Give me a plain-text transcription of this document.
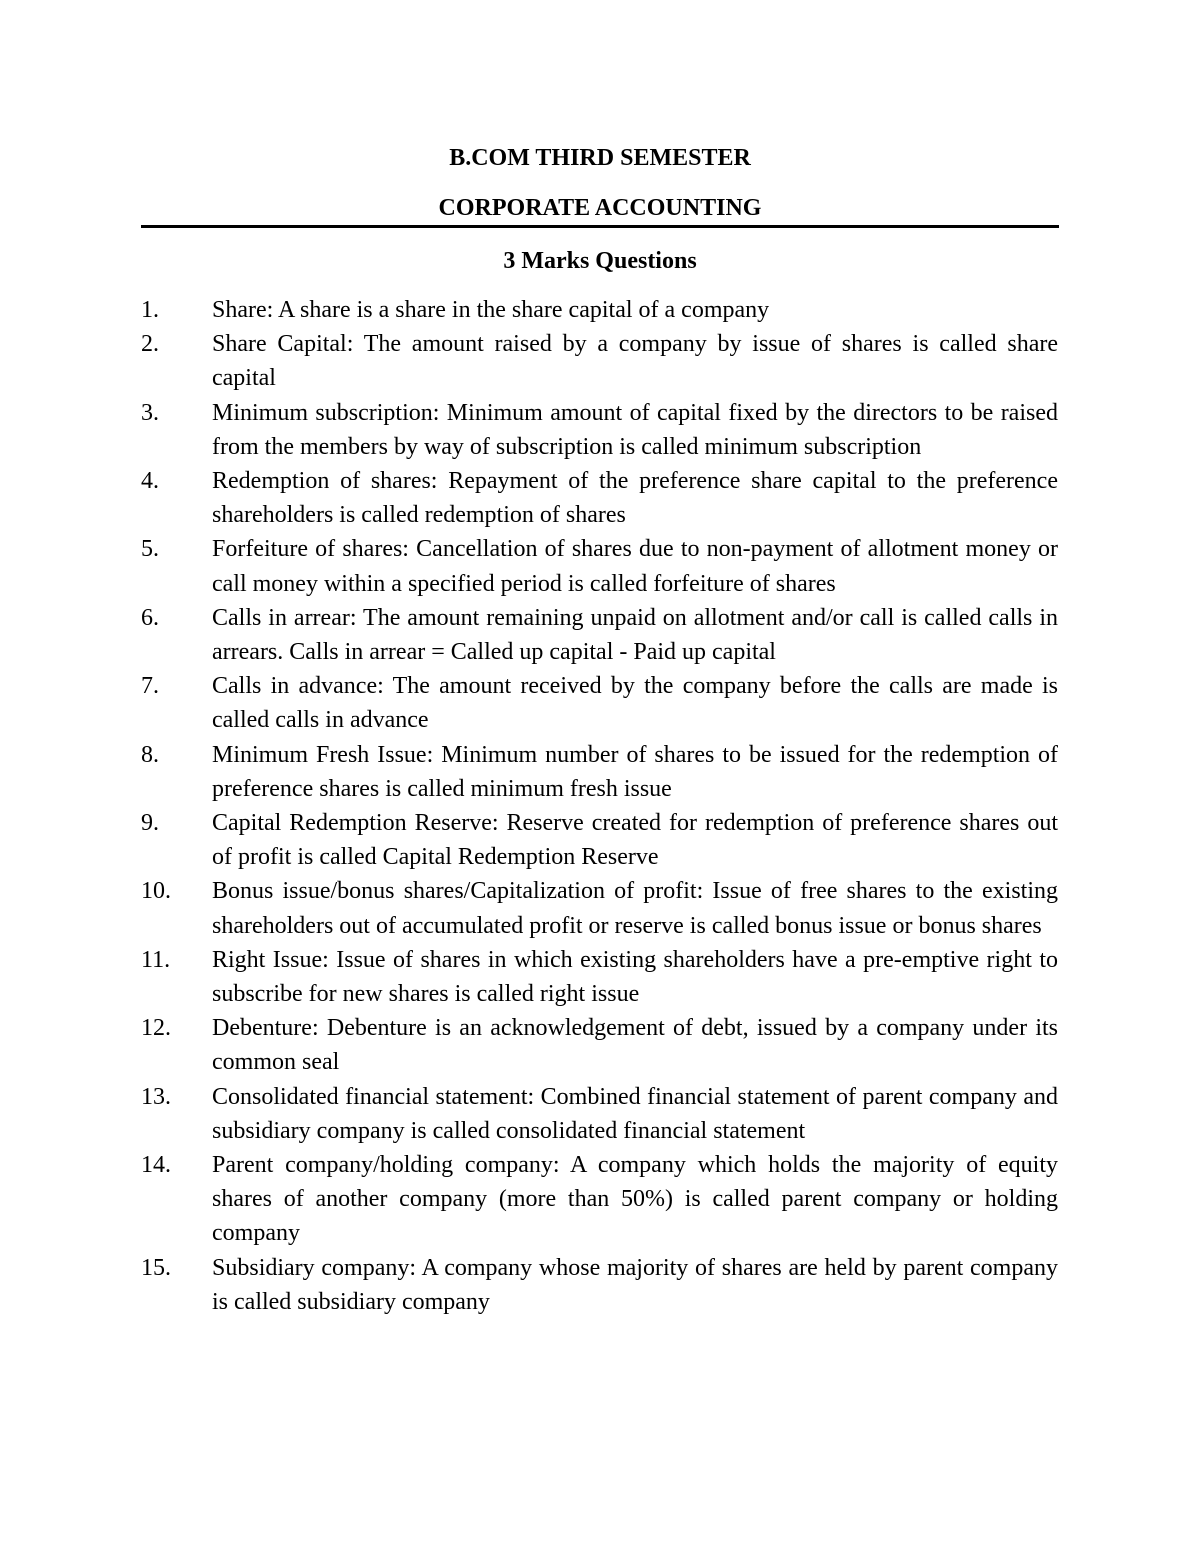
B.COM THIRD SEMESTER
CORPORATE ACCOUNTING
3 Marks Questions
1.	Share: A share is a share in the share capital of a company
2.	Share Capital: The amount raised by a company by issue of shares is called share capital
3.	Minimum subscription: Minimum amount of capital fixed by the directors to be raised from the members by way of subscription is called minimum subscription
4.	Redemption of shares: Repayment of the preference share capital to the preference shareholders is called redemption of shares
5.	Forfeiture of shares: Cancellation of shares due to non-payment of allotment money or call money within a specified period is called forfeiture of shares
6.	Calls in arrear: The amount remaining unpaid on allotment and/or call is called calls in arrears. Calls in arrear = Called up capital - Paid up capital
7.	Calls in advance: The amount received by the company before the calls are made is called calls in advance
8.	Minimum Fresh Issue: Minimum number of shares to be issued for the redemption of preference shares is called minimum fresh issue
9.	Capital Redemption Reserve: Reserve created for redemption of preference shares out of profit is called Capital Redemption Reserve
10.	Bonus issue/bonus shares/Capitalization of profit: Issue of free shares to the existing shareholders out of accumulated profit or reserve is called bonus issue or bonus shares
11.	Right Issue: Issue of shares in which existing shareholders have a pre-emptive right to subscribe for new shares is called right issue
12.	Debenture: Debenture is an acknowledgement of debt, issued by a company under its common seal
13.	Consolidated financial statement: Combined financial statement of parent company and subsidiary company is called consolidated financial statement
14.	Parent company/holding company: A company which holds the majority of equity shares of another company (more than 50%) is called parent company or holding company
15.	Subsidiary company: A company whose majority of shares are held by parent company is called subsidiary company
